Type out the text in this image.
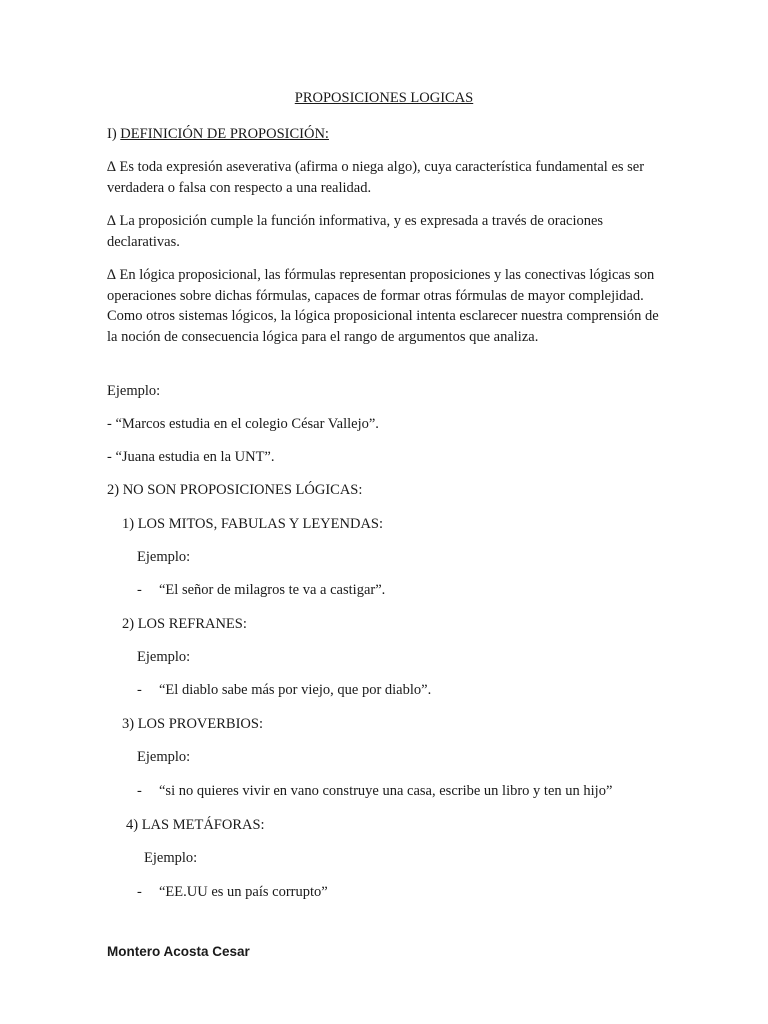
PROPOSICIONES LOGICAS
I) DEFINICIÓN DE PROPOSICIÓN:
∆ Es toda expresión aseverativa (afirma o niega algo), cuya característica fundamental es ser verdadera o falsa con respecto a una realidad.
∆ La proposición cumple la función informativa, y es expresada a través de oraciones declarativas.
∆ En lógica proposicional, las fórmulas representan proposiciones y las conectivas lógicas son operaciones sobre dichas fórmulas, capaces de formar otras fórmulas de mayor complejidad. Como otros sistemas lógicos, la lógica proposicional intenta esclarecer nuestra comprensión de la noción de consecuencia lógica para el rango de argumentos que analiza.
Ejemplo:
- “Marcos estudia en el colegio César Vallejo”.
- “Juana estudia en la UNT”.
2) NO SON PROPOSICIONES LÓGICAS:
1) LOS MITOS, FABULAS Y LEYENDAS:
Ejemplo:
- “El señor de milagros te va a castigar”.
2) LOS REFRANES:
Ejemplo:
- “El diablo sabe más por viejo, que por diablo”.
3) LOS PROVERBIOS:
Ejemplo:
- “si no quieres vivir en vano construye una casa, escribe un libro y ten un hijo”
4) LAS METÁFORAS:
Ejemplo:
- “EE.UU es un país corrupto”
Montero Acosta Cesar
